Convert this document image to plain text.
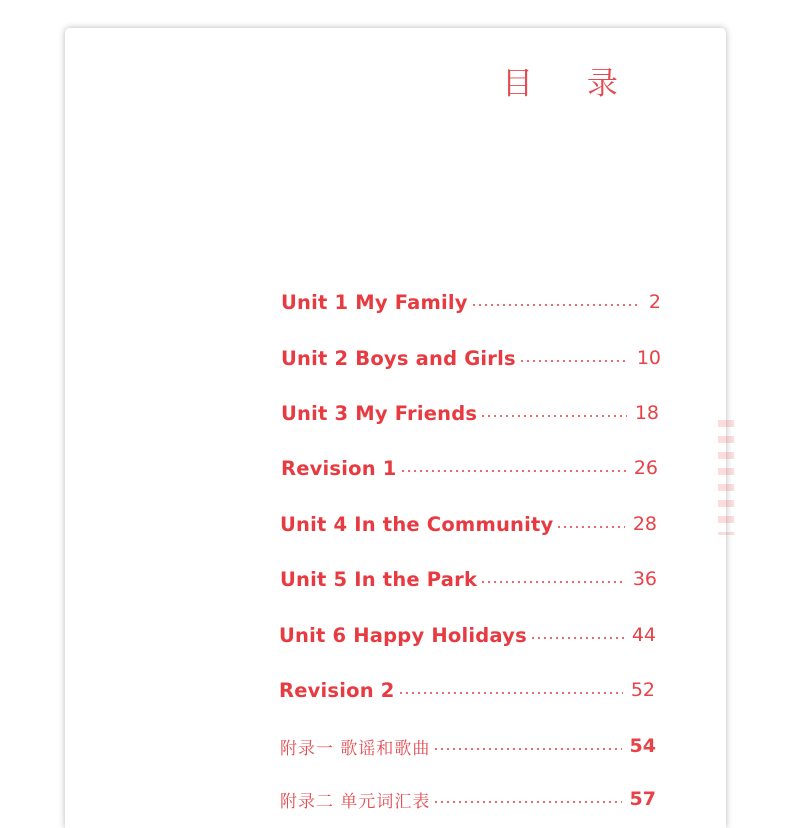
目 录
Unit 1 My Family	2
Unit 2 Boys and Girls	10
Unit 3 My Friends	18
Revision 1	26
Unit 4 In the Community	28
Unit 5 In the Park	36
Unit 6 Happy Holidays	44
Revision 2	52
附录一 歌谣和歌曲	54
附录二 单元词汇表	57
